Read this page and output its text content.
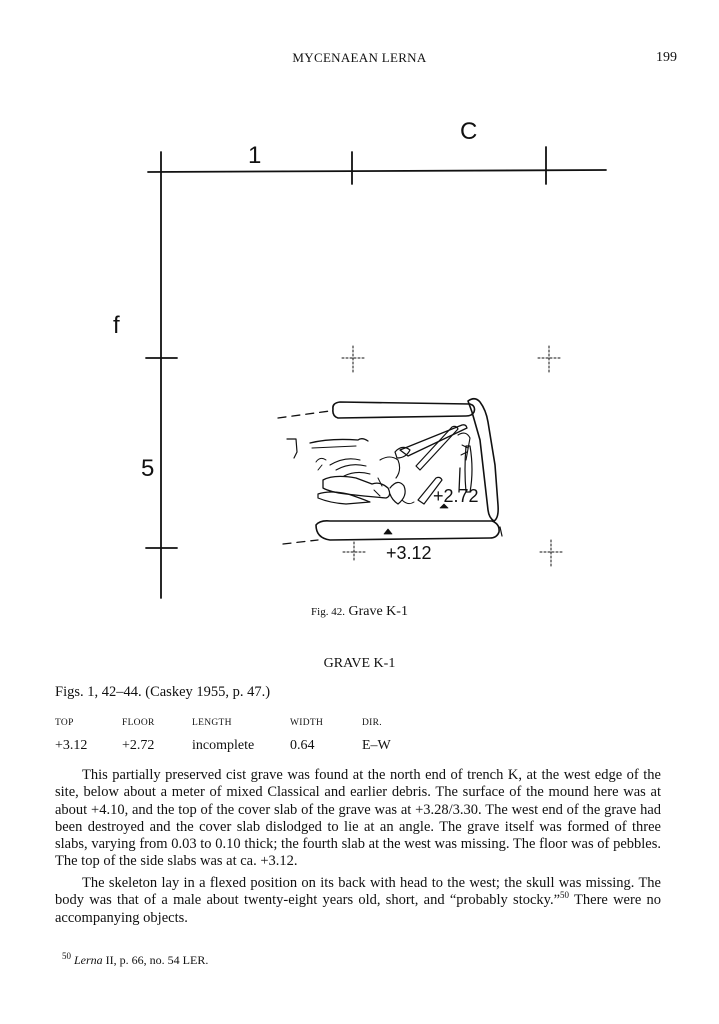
MYCENAEAN LERNA	199
1
C
f
5
+2.72
+3.12
Fig. 42. Grave K-1
GRAVE K-1
Figs. 1, 42–44. (Caskey 1955, p. 47.)
TOP	FLOOR	LENGTH	WIDTH	DIR.
+3.12	+2.72	incomplete	0.64	E–W

This partially preserved cist grave was found at the north end of trench K, at the west edge of the site, below about a meter of mixed Classical and earlier debris. The surface of the mound here was at about +4.10, and the top of the cover slab of the grave was at +3.28/3.30. The west end of the grave had been destroyed and the cover slab dislodged to lie at an angle. The grave itself was formed of three slabs, varying from 0.03 to 0.10 thick; the fourth slab at the west was missing. The floor was of pebbles. The top of the side slabs was at ca. +3.12.

The skeleton lay in a flexed position on its back with head to the west; the skull was missing. The body was that of a male about twenty-eight years old, short, and “probably stocky.”$^{50}$ There were no accompanying objects.

$^{50}$ Lerna II, p. 66, no. 54 LER.
